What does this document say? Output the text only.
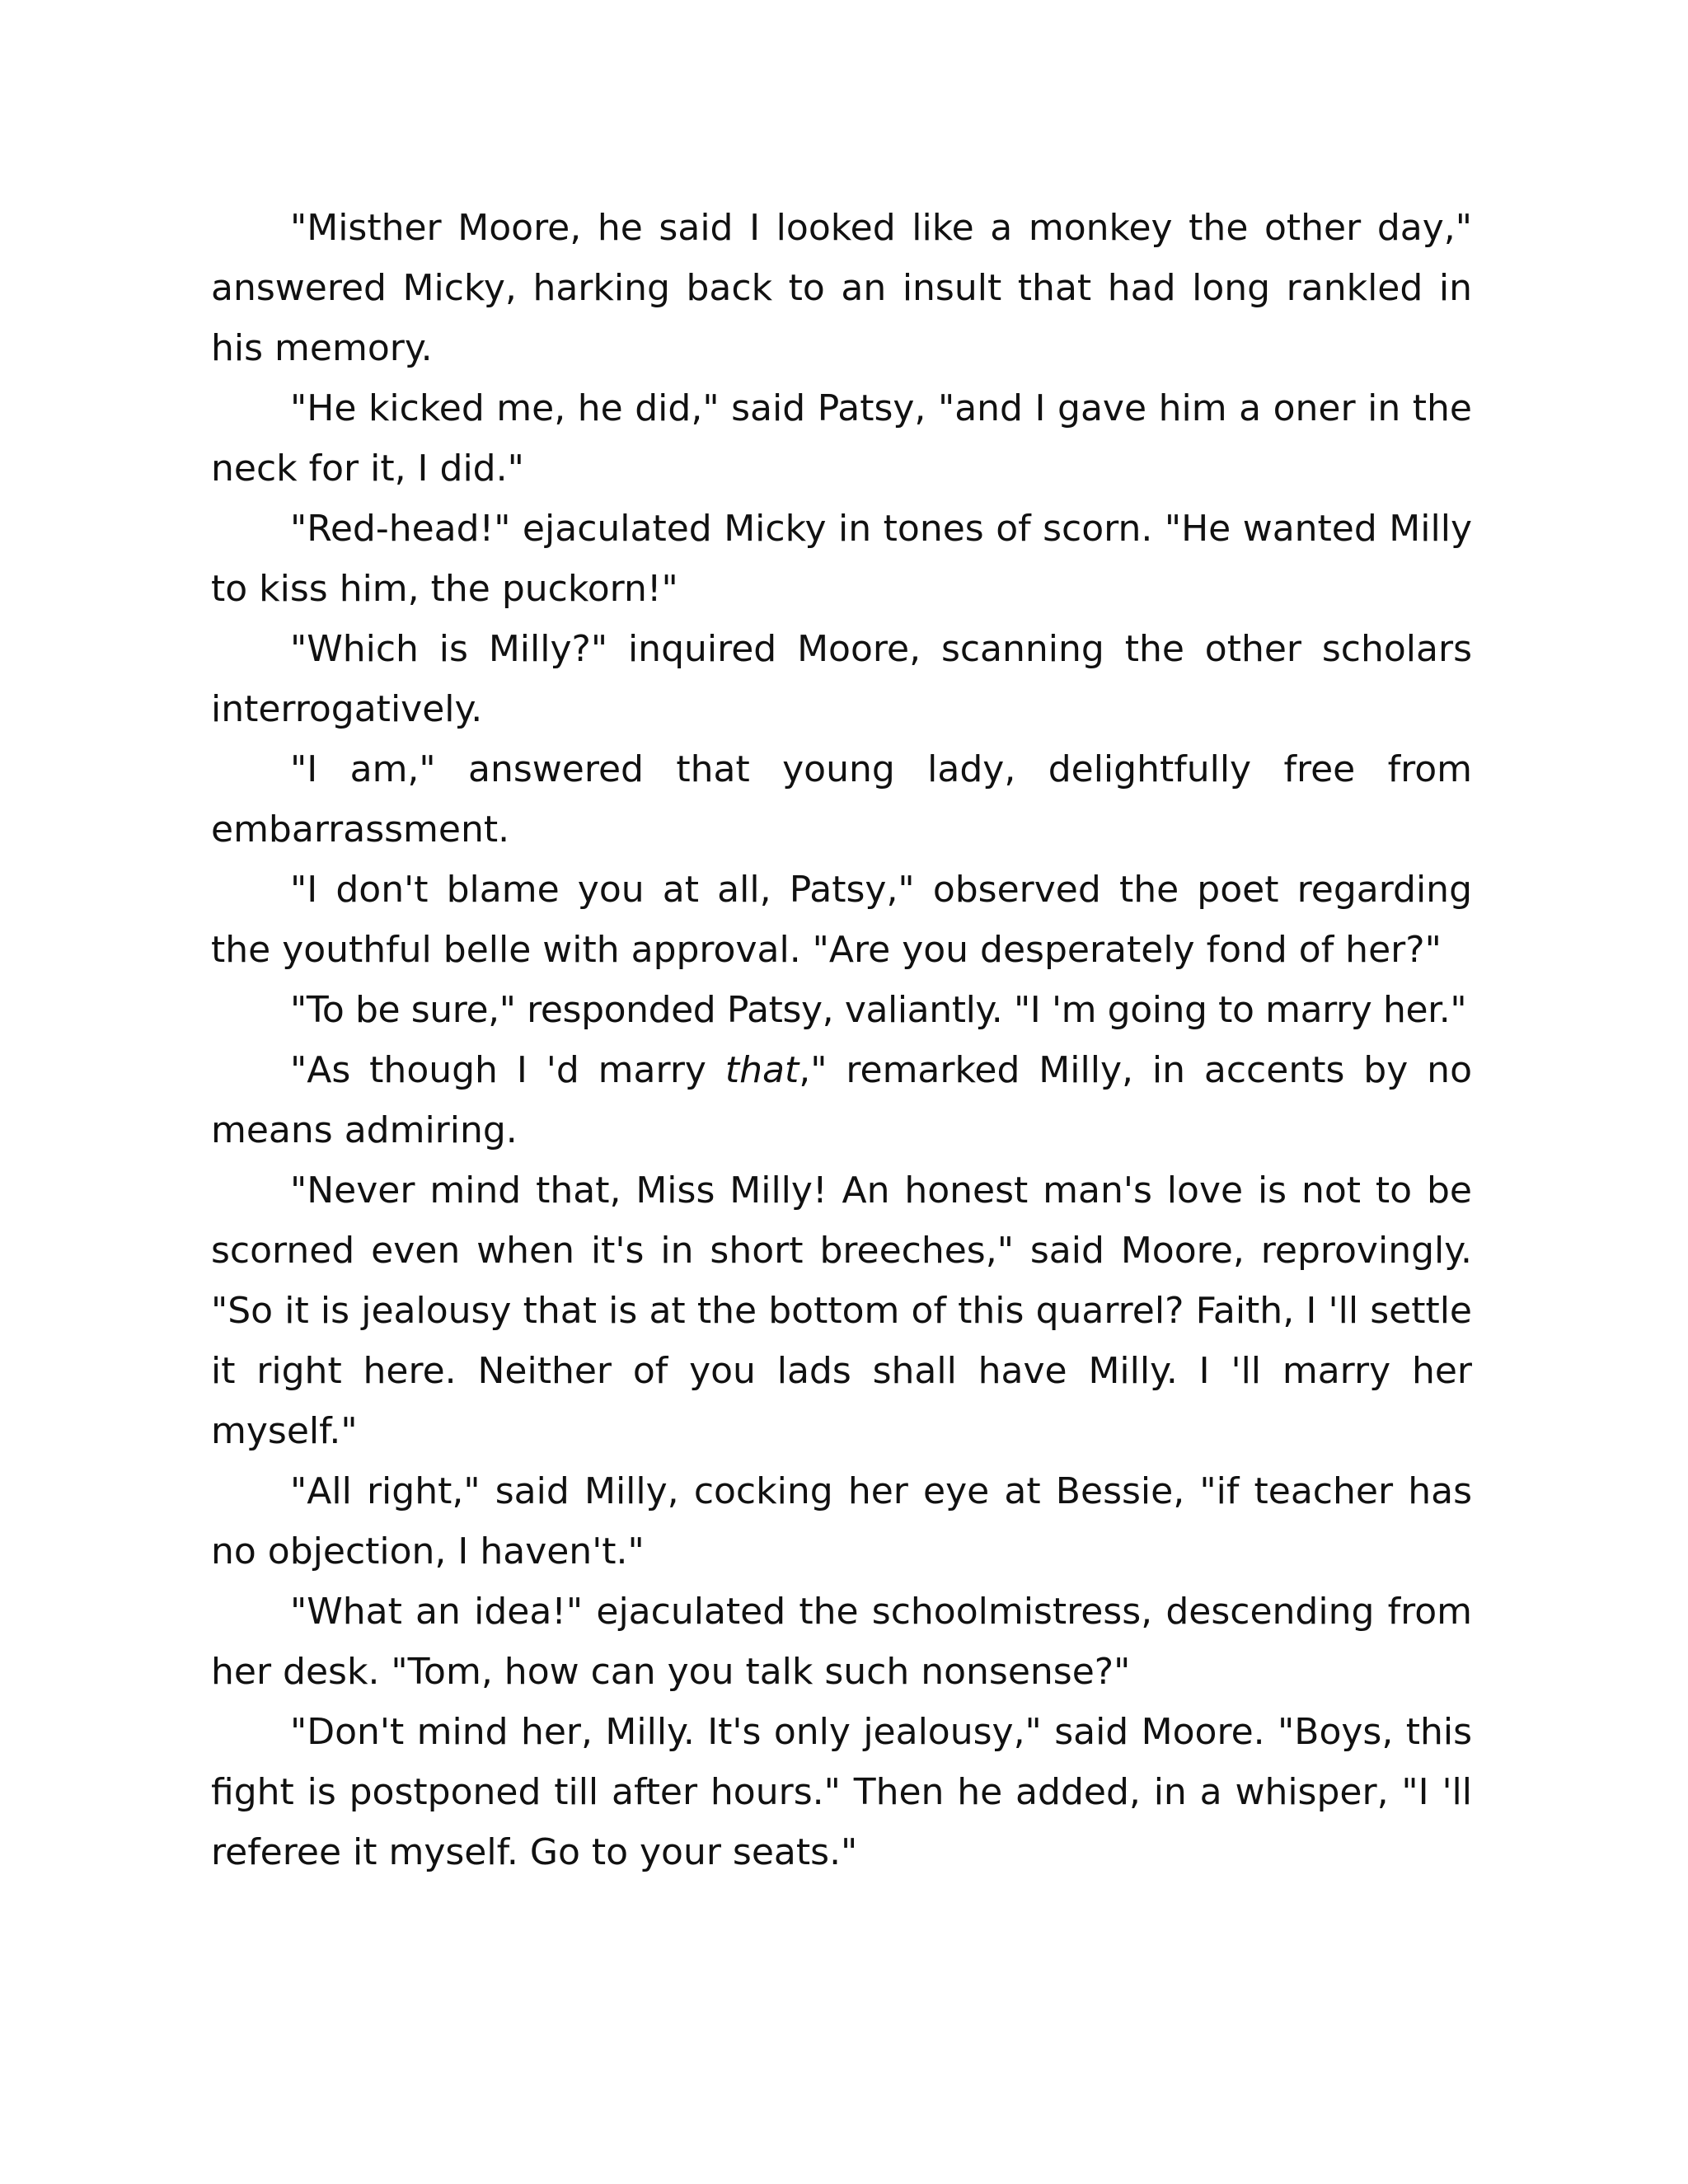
"Misther Moore, he said I looked like a monkey the other day," answered Micky, harking back to an insult that had long rankled in his memory.

"He kicked me, he did," said Patsy, "and I gave him a oner in the neck for it, I did."

"Red-head!" ejaculated Micky in tones of scorn. "He wanted Milly to kiss him, the puckorn!"

"Which is Milly?" inquired Moore, scanning the other scholars interrogatively.

"I am," answered that young lady, delightfully free from embarrassment.

"I don't blame you at all, Patsy," observed the poet regarding the youthful belle with approval. "Are you desperately fond of her?"

"To be sure," responded Patsy, valiantly. "I 'm going to marry her."

"As though I 'd marry that," remarked Milly, in accents by no means admiring.

"Never mind that, Miss Milly! An honest man's love is not to be scorned even when it's in short breeches," said Moore, reprovingly. "So it is jealousy that is at the bottom of this quarrel? Faith, I 'll settle it right here. Neither of you lads shall have Milly. I 'll marry her myself."

"All right," said Milly, cocking her eye at Bessie, "if teacher has no objection, I haven't."

"What an idea!" ejaculated the schoolmistress, descending from her desk. "Tom, how can you talk such nonsense?"

"Don't mind her, Milly. It's only jealousy," said Moore. "Boys, this fight is postponed till after hours." Then he added, in a whisper, "I 'll referee it myself. Go to your seats."
